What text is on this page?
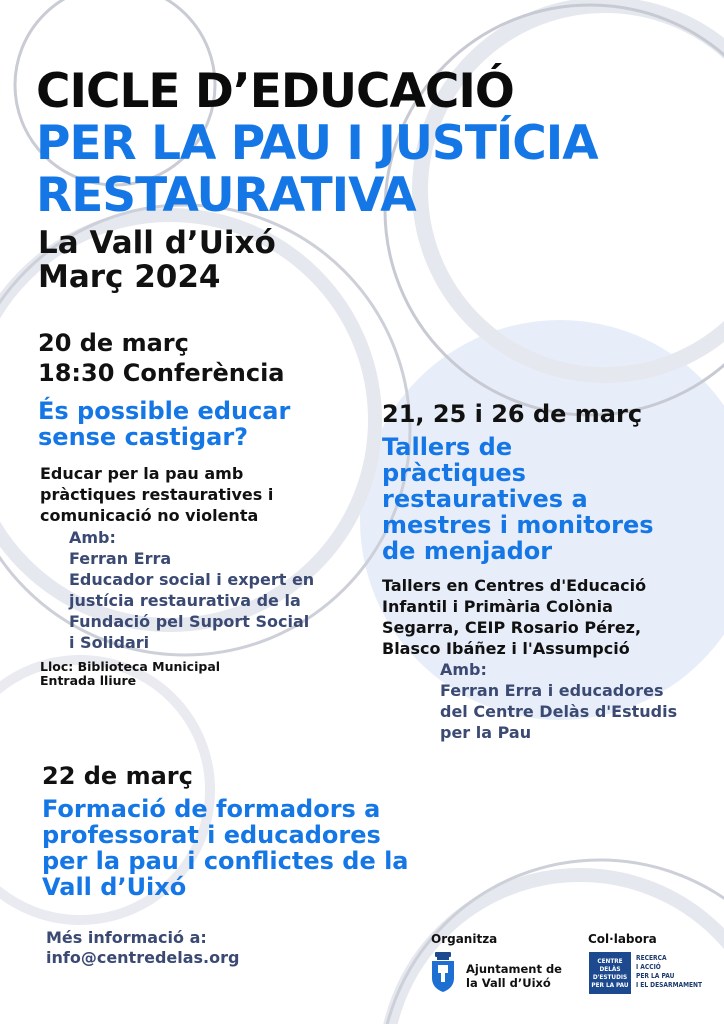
CICLE D’EDUCACIÓ
PER LA PAU I JUSTÍCIA
RESTAURATIVA
La Vall d’Uixó
Març 2024
20 de març
18:30 Conferència
És possible educar
sense castigar?
Educar per la pau amb
pràctiques restauratives i
comunicació no violenta
Amb:
Ferran Erra
Educador social i expert en
justícia restaurativa de la
Fundació pel Suport Social
i Solidari
Lloc: Biblioteca Municipal
Entrada lliure
21, 25 i 26 de març
Tallers de
pràctiques
restauratives a
mestres i monitores
de menjador
Tallers en Centres d'Educació
Infantil i Primària Colònia
Segarra, CEIP Rosario Pérez,
Blasco Ibáñez i l'Assumpció
Amb:
Ferran Erra i educadores
del Centre Delàs d'Estudis
per la Pau
22 de març
Formació de formadors a
professorat i educadores
per la pau i conflictes de la
Vall d’Uixó
Més informació a:
info@centredelas.org
Organitza
Ajuntament de
la Vall d’Uixó
Col·labora
CENTRE DELÀS
D'ESTUDIS
PER LA PAU
RECERCA
I ACCIÓ
PER LA PAU
I EL DESARMAMENT
